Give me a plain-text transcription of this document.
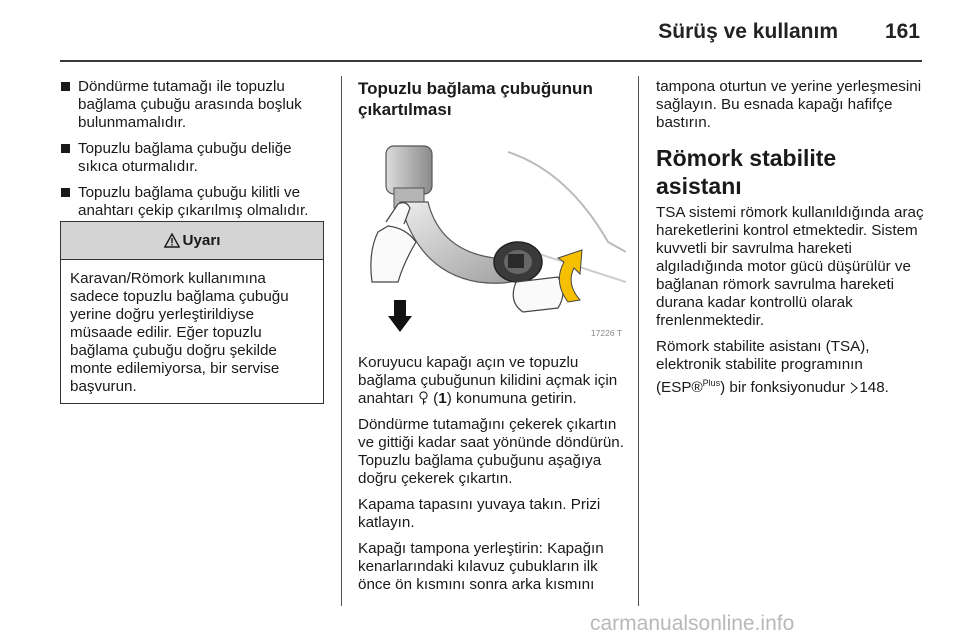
Sürüş ve kullanım 161
Döndürme tutamağı ile topuzlu bağlama çubuğu arasında boşluk bulunmamalıdır.
Topuzlu bağlama çubuğu deliğe sıkıca oturmalıdır.
Topuzlu bağlama çubuğu kilitli ve anahtarı çekip çıkarılmış olmalıdır.
Uyarı
Karavan/Römork kullanımına sadece topuzlu bağlama çubuğu yerine doğru yerleştirildiyse müsaade edilir. Eğer topuzlu bağlama çubuğu doğru şekilde monte edilemiyorsa, bir servise başvurun.
Topuzlu bağlama çubuğunun çıkartılması
17226 T

Koruyucu kapağı açın ve topuzlu bağlama çubuğunun kilidini açmak için anahtarı  (1) konumuna getirin.

Döndürme tutamağını çekerek çıkartın ve gittiği kadar saat yönünde döndürün. Topuzlu bağlama çubuğunu aşağıya doğru çekerek çıkartın.

Kapama tapasını yuvaya takın. Prizi katlayın.

Kapağı tampona yerleştirin: Kapağın kenarlarındaki kılavuz çubukların ilk önce ön kısmını sonra arka kısmını

tampona oturtun ve yerine yerleşmesini sağlayın. Bu esnada kapağı hafifçe bastırın.

Römork stabilite asistanı

TSA sistemi römork kullanıldığında araç hareketlerini kontrol etmektedir. Sistem kuvvetli bir savrulma hareketi algıladığında motor gücü düşürülür ve bağlanan römork savrulma hareketi durana kadar kontrollü olarak frenlenmektedir.

Römork stabilite asistanı (TSA), elektronik stabilite programının (ESP®$^{Plus}$) bir fonksiyonudur 148.

carmanualsonline.info
